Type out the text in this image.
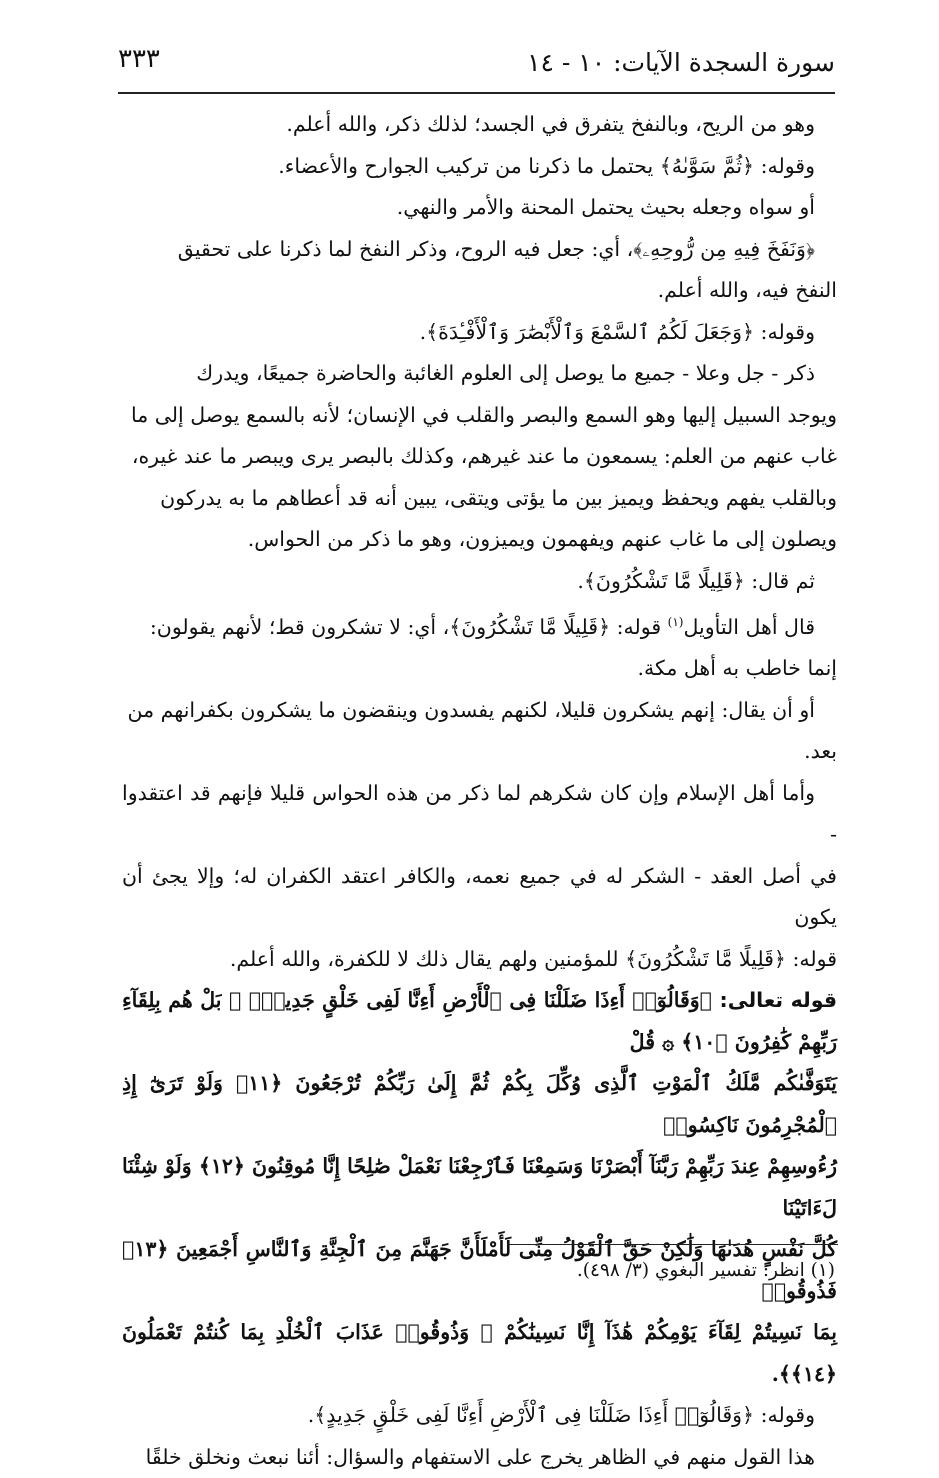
سورة السجدة الآيات: ١٠ - ١٤
٣٣٣

وهو من الريح، وبالنفخ يتفرق في الجسد؛ لذلك ذكر، والله أعلم.

وقوله: ﴿ثُمَّ سَوَّىٰهُ﴾ يحتمل ما ذكرنا من تركيب الجوارح والأعضاء.

أو سواه وجعله بحيث يحتمل المحنة والأمر والنهي.

﴿وَنَفَخَ فِيهِ مِن رُّوحِهِۦ﴾، أي: جعل فيه الروح، وذكر النفخ لما ذكرنا على تحقيق

النفخ فيه، والله أعلم.

وقوله: ﴿وَجَعَلَ لَكُمُ ٱلسَّمْعَ وَٱلْأَبْصَٰرَ وَٱلْأَفْـِٔدَةَ﴾.

ذكر - جل وعلا - جميع ما يوصل إلى العلوم الغائبة والحاضرة جميعًا، ويدرك

ويوجد السبيل إليها وهو السمع والبصر والقلب في الإنسان؛ لأنه بالسمع يوصل إلى ما

غاب عنهم من العلم: يسمعون ما عند غيرهم، وكذلك بالبصر يرى ويبصر ما عند غيره،

وبالقلب يفهم ويحفظ ويميز بين ما يؤتى ويتقى، يبين أنه قد أعطاهم ما به يدركون

ويصلون إلى ما غاب عنهم ويفهمون ويميزون، وهو ما ذكر من الحواس.

ثم قال: ﴿قَلِيلًا مَّا تَشْكُرُونَ﴾.

قال أهل التأويل$^{(١)}$ قوله: ﴿قَلِيلًا مَّا تَشْكُرُونَ﴾، أي: لا تشكرون قط؛ لأنهم يقولون:

إنما خاطب به أهل مكة.

أو أن يقال: إنهم يشكرون قليلا، لكنهم يفسدون وينقضون ما يشكرون بكفرانهم من

بعد.

وأما أهل الإسلام وإن كان شكرهم لما ذكر من هذه الحواس قليلا فإنهم قد اعتقدوا -

في أصل العقد - الشكر له في جميع نعمه، والكافر اعتقد الكفران له؛ وإلا يجئ أن يكون

قوله: ﴿قَلِيلًا مَّا تَشْكُرُونَ﴾ للمؤمنين ولهم يقال ذلك لا للكفرة، والله أعلم.

قوله تعالى: ﴿وَقَالُوٓا۟ أَءِذَا ضَلَلْنَا فِى ٱلْأَرْضِ أَءِنَّا لَفِى خَلْقٍ جَدِيدٍۭ ۚ بَلْ هُم بِلِقَآءِ رَبِّهِمْ كَٰفِرُونَ ﴿١٠﴾ ۞ قُلْ

يَتَوَفَّىٰكُم مَّلَكُ ٱلْمَوْتِ ٱلَّذِى وُكِّلَ بِكُمْ ثُمَّ إِلَىٰ رَبِّكُمْ تُرْجَعُونَ ﴿١١﴾ وَلَوْ تَرَىٰٓ إِذِ ٱلْمُجْرِمُونَ نَاكِسُوا۟

رُءُوسِهِمْ عِندَ رَبِّهِمْ رَبَّنَآ أَبْصَرْنَا وَسَمِعْنَا فَٱرْجِعْنَا نَعْمَلْ صَٰلِحًا إِنَّا مُوقِنُونَ ﴿١٢﴾ وَلَوْ شِئْنَا لَءَاتَيْنَا

كُلَّ نَفْسٍ هُدَىٰهَا وَلَٰكِنْ حَقَّ ٱلْقَوْلُ مِنِّى لَأَمْلَأَنَّ جَهَنَّمَ مِنَ ٱلْجِنَّةِ وَٱلنَّاسِ أَجْمَعِينَ ﴿١٣﴾ فَذُوقُوا۟

بِمَا نَسِيتُمْ لِقَآءَ يَوْمِكُمْ هَٰذَآ إِنَّا نَسِينَٰكُمْ ۖ وَذُوقُوا۟ عَذَابَ ٱلْخُلْدِ بِمَا كُنتُمْ تَعْمَلُونَ ﴿١٤﴾﴾.

وقوله: ﴿وَقَالُوٓا۟ أَءِذَا ضَلَلْنَا فِى ٱلْأَرْضِ أَءِنَّا لَفِى خَلْقٍ جَدِيدٍ﴾.

هذا القول منهم في الظاهر يخرج على الاستفهام والسؤال: أئنا نبعث ونخلق خلقًا

(١) انظر: تفسير البغوي (٣/ ٤٩٨).
